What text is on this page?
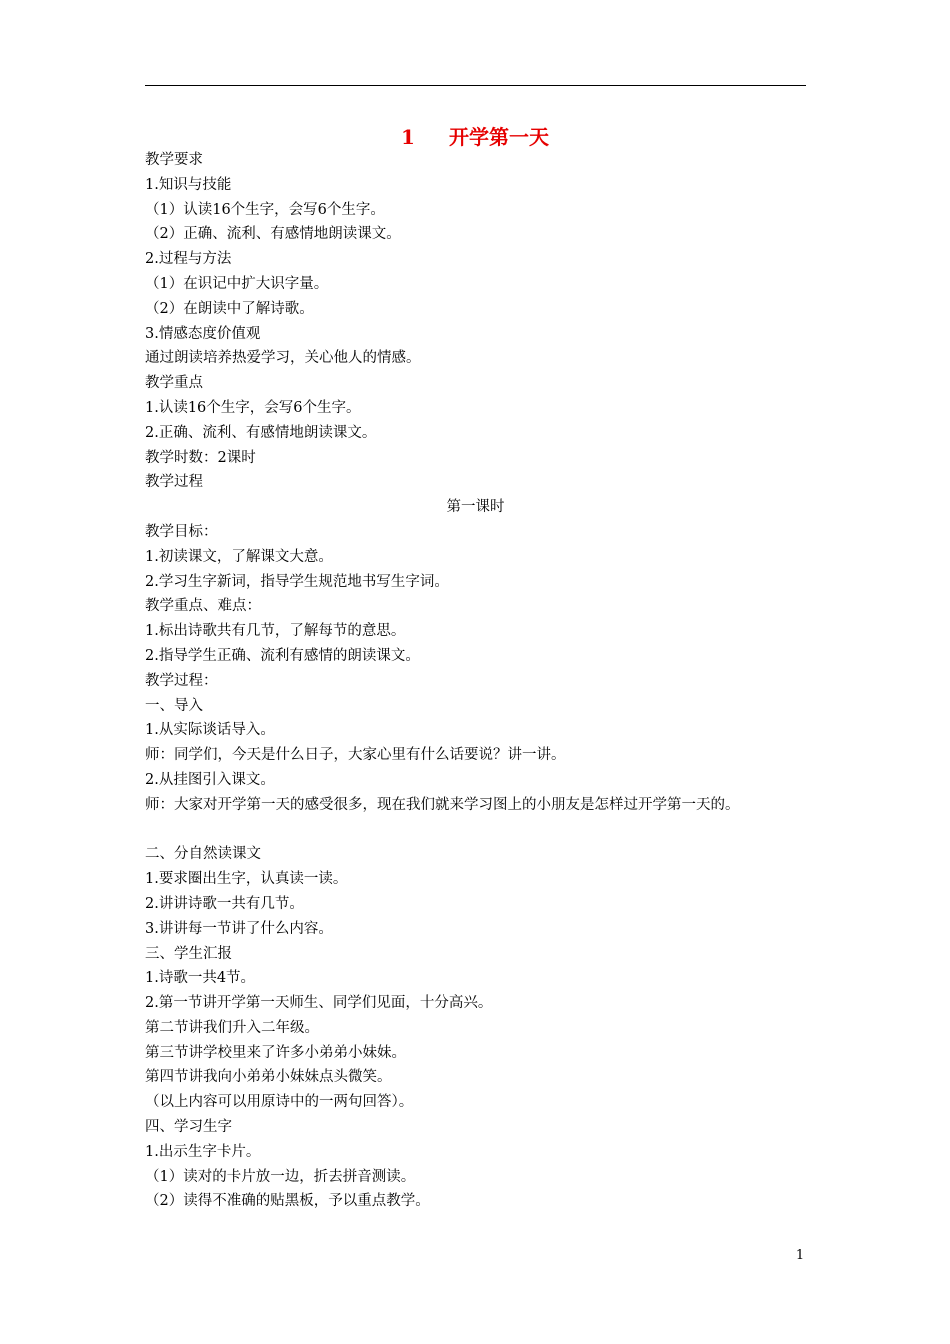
1 开学第一天
教学要求
1.知识与技能
（1）认读16个生字，会写6个生字。
（2）正确、流利、有感情地朗读课文。
2.过程与方法
（1）在识记中扩大识字量。
（2）在朗读中了解诗歌。
3.情感态度价值观
通过朗读培养热爱学习，关心他人的情感。
教学重点
1.认读16个生字，会写6个生字。
2.正确、流利、有感情地朗读课文。
教学时数：2课时
教学过程
第一课时
教学目标：
1.初读课文，了解课文大意。
2.学习生字新词，指导学生规范地书写生字词。
教学重点、难点：
1.标出诗歌共有几节，了解每节的意思。
2.指导学生正确、流利有感情的朗读课文。
教学过程：
一、导入
1.从实际谈话导入。
师：同学们，今天是什么日子，大家心里有什么话要说？讲一讲。
2.从挂图引入课文。
师：大家对开学第一天的感受很多，现在我们就来学习图上的小朋友是怎样过开学第一天的。
二、分自然读课文
1.要求圈出生字，认真读一读。
2.讲讲诗歌一共有几节。
3.讲讲每一节讲了什么内容。
三、学生汇报
1.诗歌一共4节。
2.第一节讲开学第一天师生、同学们见面，十分高兴。
第二节讲我们升入二年级。
第三节讲学校里来了许多小弟弟小妹妹。
第四节讲我向小弟弟小妹妹点头微笑。
（以上内容可以用原诗中的一两句回答）。
四、学习生字
1.出示生字卡片。
（1）读对的卡片放一边，折去拼音测读。
（2）读得不准确的贴黑板，予以重点教学。
1
